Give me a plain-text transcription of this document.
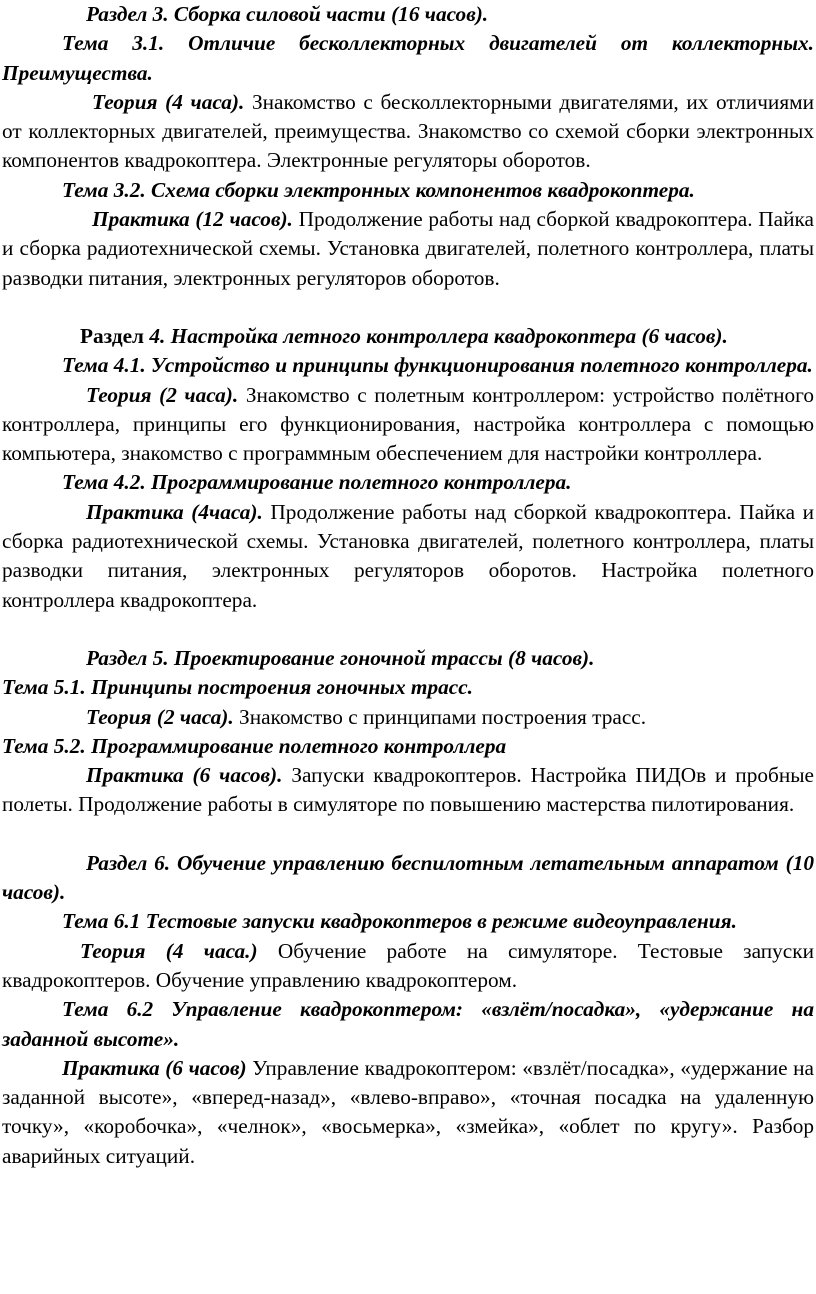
Раздел 3. Сборка силовой части (16 часов).

Тема 3.1. Отличие бесколлекторных двигателей от коллекторных. Преимущества.

Теория (4 часа). Знакомство с бесколлекторными двигателями, их отличиями от коллекторных двигателей, преимущества. Знакомство со схемой сборки электронных компонентов квадрокоптера. Электронные регуляторы оборотов.

Тема 3.2. Схема сборки электронных компонентов квадрокоптера.

Практика (12 часов). Продолжение работы над сборкой квадрокоптера. Пайка и сборка радиотехнической схемы. Установка двигателей, полетного контроллера, платы разводки питания, электронных регуляторов оборотов.

Раздел 4. Настройка летного контроллера квадрокоптера (6 часов).

Тема 4.1. Устройство и принципы функционирования полетного контроллера.

Теория (2 часа). Знакомство с полетным контроллером: устройство полётного контроллера, принципы его функционирования, настройка контроллера с помощью компьютера, знакомство с программным обеспечением для настройки контроллера.

Тема 4.2. Программирование полетного контроллера.

Практика (4часа). Продолжение работы над сборкой квадрокоптера. Пайка и сборка радиотехнической схемы. Установка двигателей, полетного контроллера, платы разводки питания, электронных регуляторов оборотов. Настройка полетного контроллера квадрокоптера.

Раздел 5. Проектирование гоночной трассы (8 часов).

Тема 5.1. Принципы построения гоночных трасс.

Теория (2 часа). Знакомство с принципами построения трасс.

Тема 5.2. Программирование полетного контроллера

Практика (6 часов). Запуски квадрокоптеров. Настройка ПИДОв и пробные полеты. Продолжение работы в симуляторе по повышению мастерства пилотирования.

Раздел 6. Обучение управлению беспилотным летательным аппаратом (10 часов).

Тема 6.1 Тестовые запуски квадрокоптеров в режиме видеоуправления.

Теория (4 часа.) Обучение работе на симуляторе. Тестовые запуски квадрокоптеров. Обучение управлению квадрокоптером.

Тема 6.2 Управление квадрокоптером: «взлёт/посадка», «удержание на заданной высоте».

Практика (6 часов) Управление квадрокоптером: «взлёт/посадка», «удержание на заданной высоте», «вперед-назад», «влево-вправо», «точная посадка на удаленную точку», «коробочка», «челнок», «восьмерка», «змейка», «облет по кругу». Разбор аварийных ситуаций.
